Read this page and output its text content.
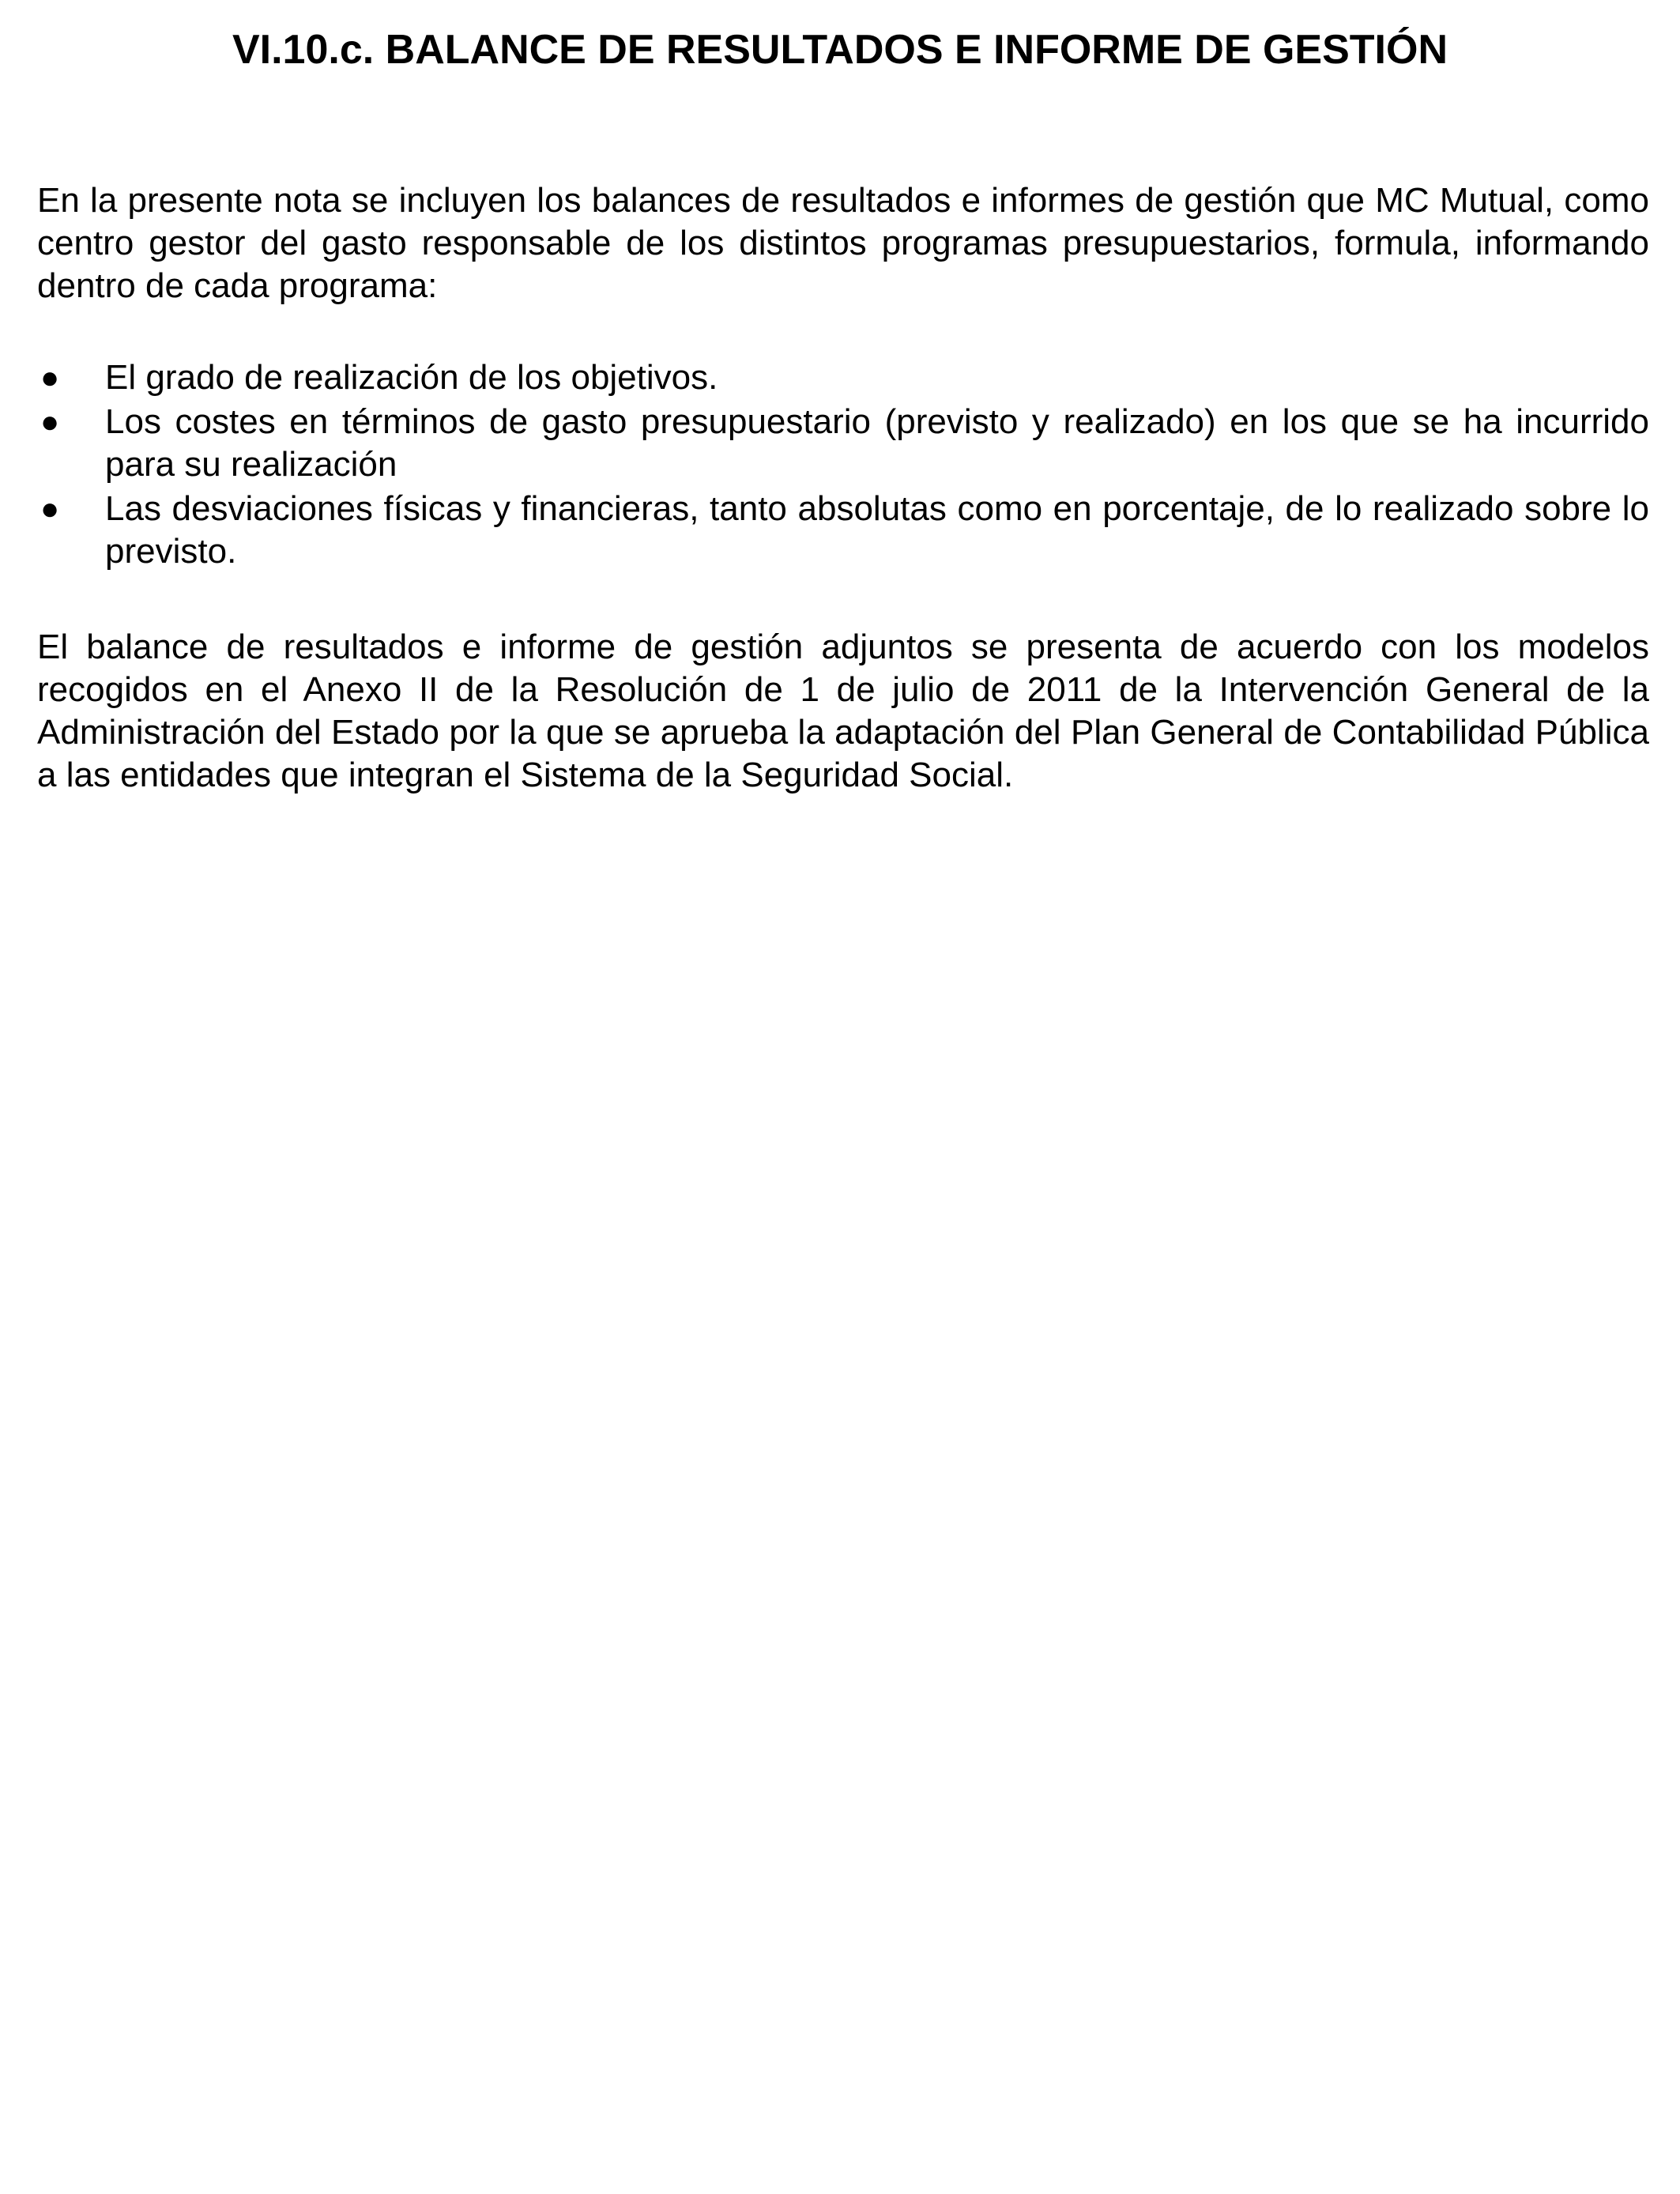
VI.10.c. BALANCE DE RESULTADOS E INFORME DE GESTIÓN

En la presente nota se incluyen los balances de resultados e informes de gestión que MC Mutual, como centro gestor del gasto responsable de los distintos programas presupuestarios, formula, informando dentro de cada programa:

●	El grado de realización de los objetivos.
●	Los costes en términos de gasto presupuestario (previsto y realizado) en los que se ha incurrido para su realización
●	Las desviaciones físicas y financieras, tanto absolutas como en porcentaje, de lo realizado sobre lo previsto.

El balance de resultados e informe de gestión adjuntos se presenta de acuerdo con los modelos recogidos en el Anexo II de la Resolución de 1 de julio de 2011 de la Intervención General de la Administración del Estado por la que se aprueba la adaptación del Plan General de Contabilidad Pública a las entidades que integran el Sistema de la Seguridad Social.
